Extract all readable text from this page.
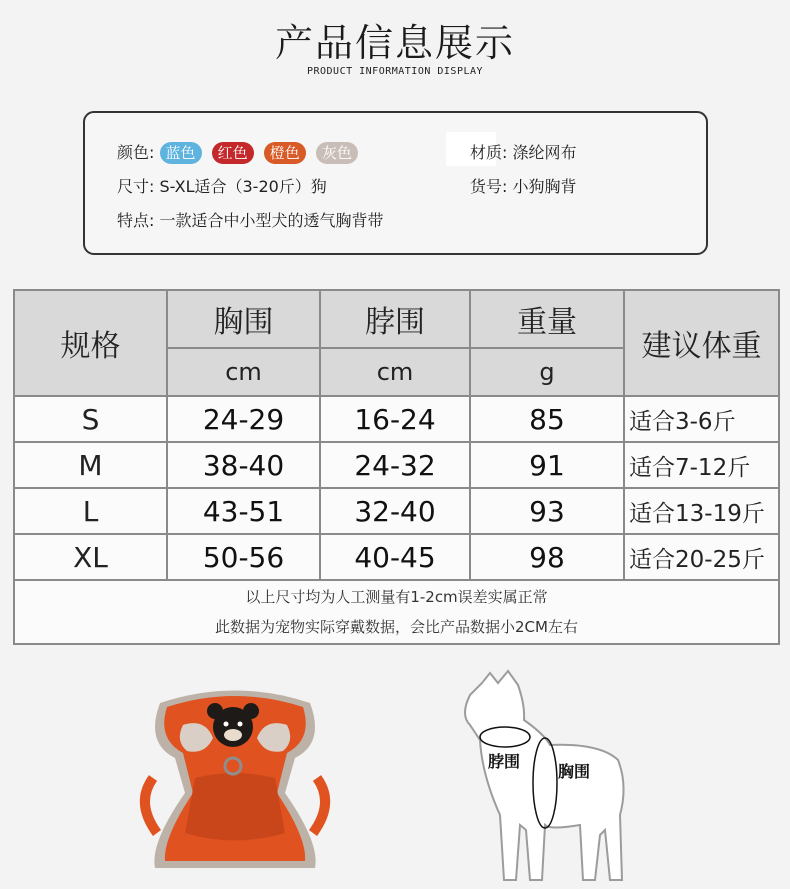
产品信息展示
PRODUCT INFORMATION DISPLAY
颜色: 蓝色 红色 橙色 灰色	材质: 涤纶网布
尺寸: S-XL适合（3-20斤）狗	货号: 小狗胸背
特点: 一款适合中小型犬的透气胸背带
规格	胸围	脖围	重量	建议体重
	cm	cm	g	
S	24-29	16-24	85	适合3-6斤
M	38-40	24-32	91	适合7-12斤
L	43-51	32-40	93	适合13-19斤
XL	50-56	40-45	98	适合20-25斤

以上尺寸均为人工测量有1-2cm误差实属正常
此数据为宠物实际穿戴数据，会比产品数据小2CM左右				
脖围
胸围
